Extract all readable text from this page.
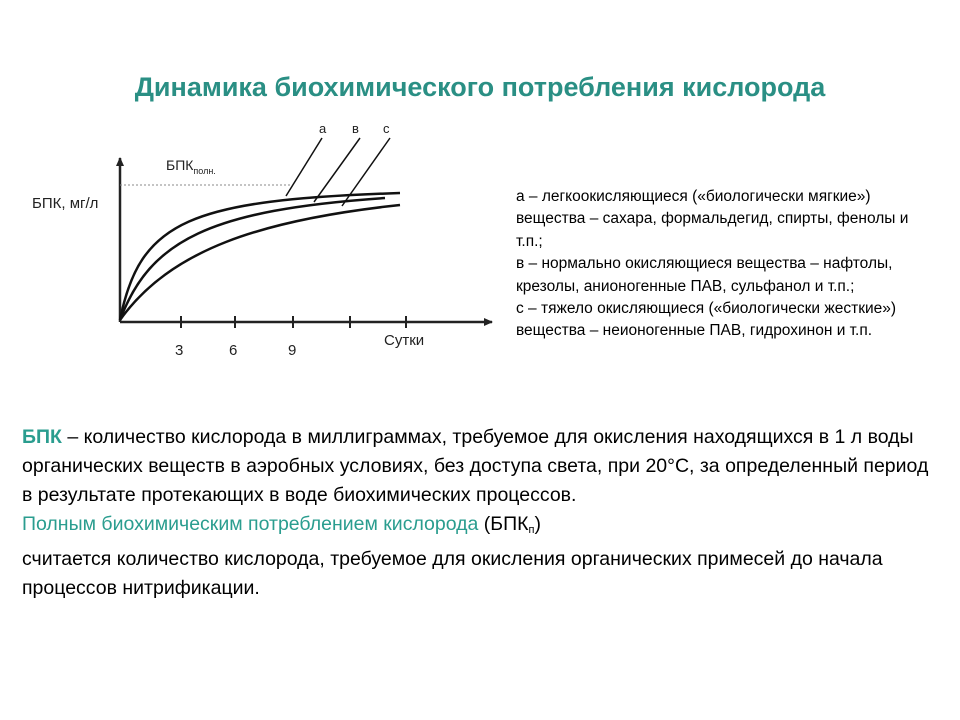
Динамика биохимического потребления кислорода
а в с
$БПК_{полн.}$
БПК, мг/л
Сутки
3	6	9

а – легкоокисляющиеся («биологически мягкие») вещества – сахара, формальдегид, спирты, фенолы и т.п.;

в – нормально окисляющиеся вещества – нафтолы, крезолы, анионогенные ПАВ, сульфанол и т.п.;

с – тяжело окисляющиеся («биологически жесткие») вещества – неионогенные ПАВ, гидрохинон и т.п.

БПК – количество кислорода в миллиграммах, требуемое для окисления находящихся в 1 л воды органических веществ в аэробных условиях, без доступа света, при 20°С, за определенный период в результате протекающих в воде биохимических процессов.

Полным биохимическим потреблением кислорода $(БПК_п)$

считается количество кислорода, требуемое для окисления органических примесей до начала процессов нитрификации.
